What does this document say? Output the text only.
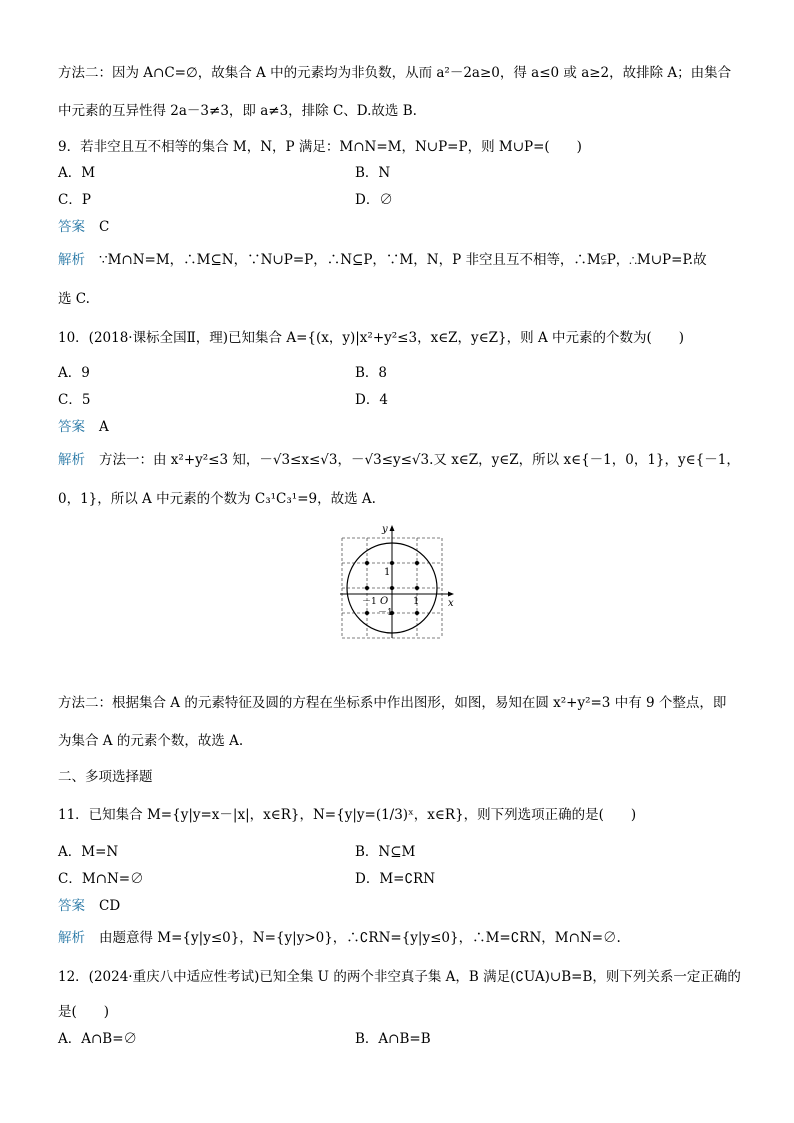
方法二：因为 A∩C=∅，故集合 A 中的元素均为非负数，从而 a²－2a≥0，得 a≤0 或 a≥2，故排除 A；由集合
中元素的互异性得 2a－3≠3，即 a≠3，排除 C、D.故选 B.
9．若非空且互不相等的集合 M，N，P 满足：M∩N=M，N∪P=P，则 M∪P=(　　)
A．M	B．N
C．P	D．∅
答案 C
解析 ∵M∩N=M，∴M⊆N，∵N∪P=P，∴N⊆P，∵M，N，P 非空且互不相等，∴M⫋P，∴M∪P=P.故
选 C.
10．(2018·课标全国Ⅱ，理)已知集合 A={(x，y)|x²+y²≤3，x∈Z，y∈Z}，则 A 中元素的个数为(　　)
A．9	B．8
C．5	D．4
答案 A
解析 方法一：由 x²+y²≤3 知，－√3≤x≤√3，－√3≤y≤√3.又 x∈Z，y∈Z，所以 x∈{－1，0，1}，y∈{－1，
0，1}，所以 A 中元素的个数为 C₃¹C₃¹=9，故选 A.
x
y
O 1
－1
1
－1
方法二：根据集合 A 的元素特征及圆的方程在坐标系中作出图形，如图，易知在圆 x²+y²=3 中有 9 个整点，即
为集合 A 的元素个数，故选 A.
二、多项选择题
11．已知集合 M={y|y=x－|x|，x∈R}，N={y|y=(1/3)ˣ，x∈R}，则下列选项正确的是(　　)
A．M=N	B．N⊆M
C．M∩N=∅	D．M=∁RN
答案 CD
解析 由题意得 M={y|y≤0}，N={y|y>0}，∴∁RN={y|y≤0}，∴M=∁RN，M∩N=∅.
12．(2024·重庆八中适应性考试)已知全集 U 的两个非空真子集 A，B 满足(∁UA)∪B=B，则下列关系一定正确的
是(　　)
A．A∩B=∅	B．A∩B=B
